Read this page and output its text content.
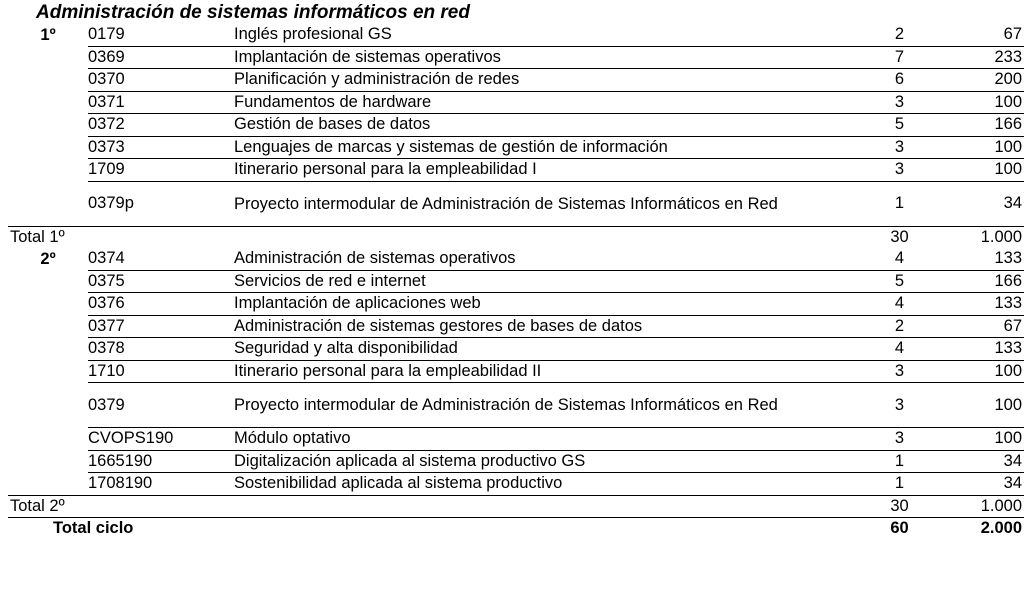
Administración de sistemas informáticos en red
1º	0179	Inglés profesional GS	2	67
	0369	Implantación de sistemas operativos	7	233
	0370	Planificación y administración de redes	6	200
	0371	Fundamentos de hardware	3	100
	0372	Gestión de bases de datos	5	166
	0373	Lenguajes de marcas y sistemas de gestión de información	3	100
	1709	Itinerario personal para la empleabilidad I	3	100
	0379p	Proyecto intermodular de Administración de Sistemas Informáticos en Red	1	34
Total 1º			30	1.000
2º	0374	Administración de sistemas operativos	4	133
	0375	Servicios de red e internet	5	166
	0376	Implantación de aplicaciones web	4	133
	0377	Administración de sistemas gestores de bases de datos	2	67
	0378	Seguridad y alta disponibilidad	4	133
	1710	Itinerario personal para la empleabilidad II	3	100
	0379	Proyecto intermodular de Administración de Sistemas Informáticos en Red	3	100
	CVOPS190	Módulo optativo	3	100
	1665190	Digitalización aplicada al sistema productivo GS	1	34
	1708190	Sostenibilidad aplicada al sistema productivo	1	34
Total 2º			30	1.000
Total ciclo			60	2.000
